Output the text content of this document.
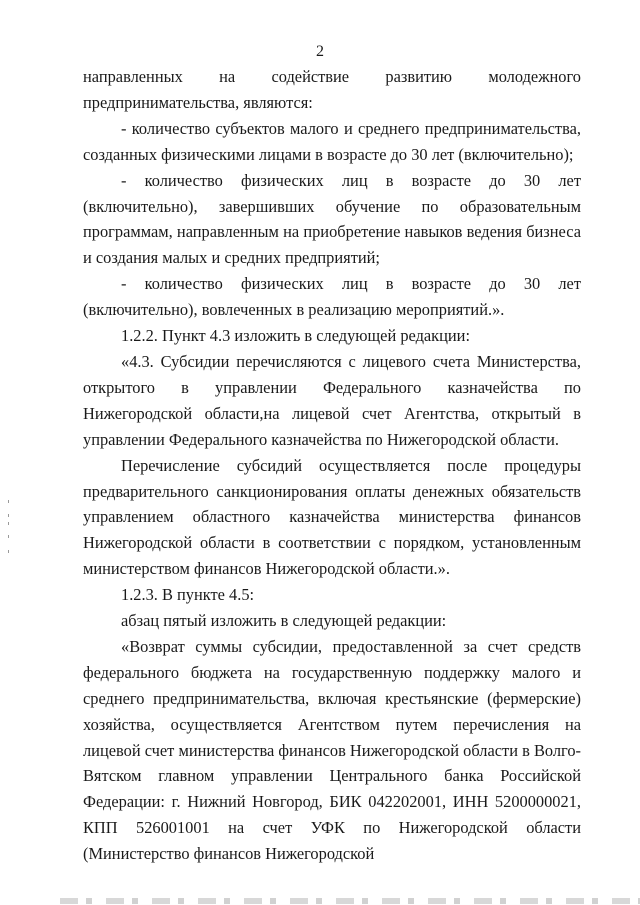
2

направленных на содействие развитию молодежного

предпринимательства, являются:

- количество субъектов малого и среднего предпринимательства, созданных физическими лицами в возрасте до 30 лет (включительно);

- количество физических лиц в возрасте до 30 лет (включительно), завершивших обучение по образовательным программам, направленным на приобретение навыков ведения бизнеса и создания малых и средних предприятий;

- количество физических лиц в возрасте до 30 лет (включительно), вовлеченных в реализацию мероприятий.».

1.2.2. Пункт 4.3 изложить в следующей редакции:

«4.3. Субсидии перечисляются с лицевого счета Министерства, открытого в управлении Федерального казначейства по Нижегородской области,на лицевой счет Агентства, открытый в управлении Федерального казначейства по Нижегородской области.

Перечисление субсидий осуществляется после процедуры предварительного санкционирования оплаты денежных обязательств управлением областного казначейства министерства финансов Нижегородской области в соответствии с порядком, установленным министерством финансов Нижегородской области.».

1.2.3. В пункте 4.5:

абзац пятый изложить в следующей редакции:

«Возврат суммы субсидии, предоставленной за счет средств федерального бюджета на государственную поддержку малого и среднего предпринимательства, включая крестьянские (фермерские) хозяйства, осуществляется Агентством путем перечисления на лицевой счет министерства финансов Нижегородской области в Волго-Вятском главном управлении Центрального банка Российской Федерации: г. Нижний Новгород, БИК 042202001, ИНН 5200000021, КПП 526001001 на счет УФК по Нижегородской области (Министерство финансов Нижегородской
